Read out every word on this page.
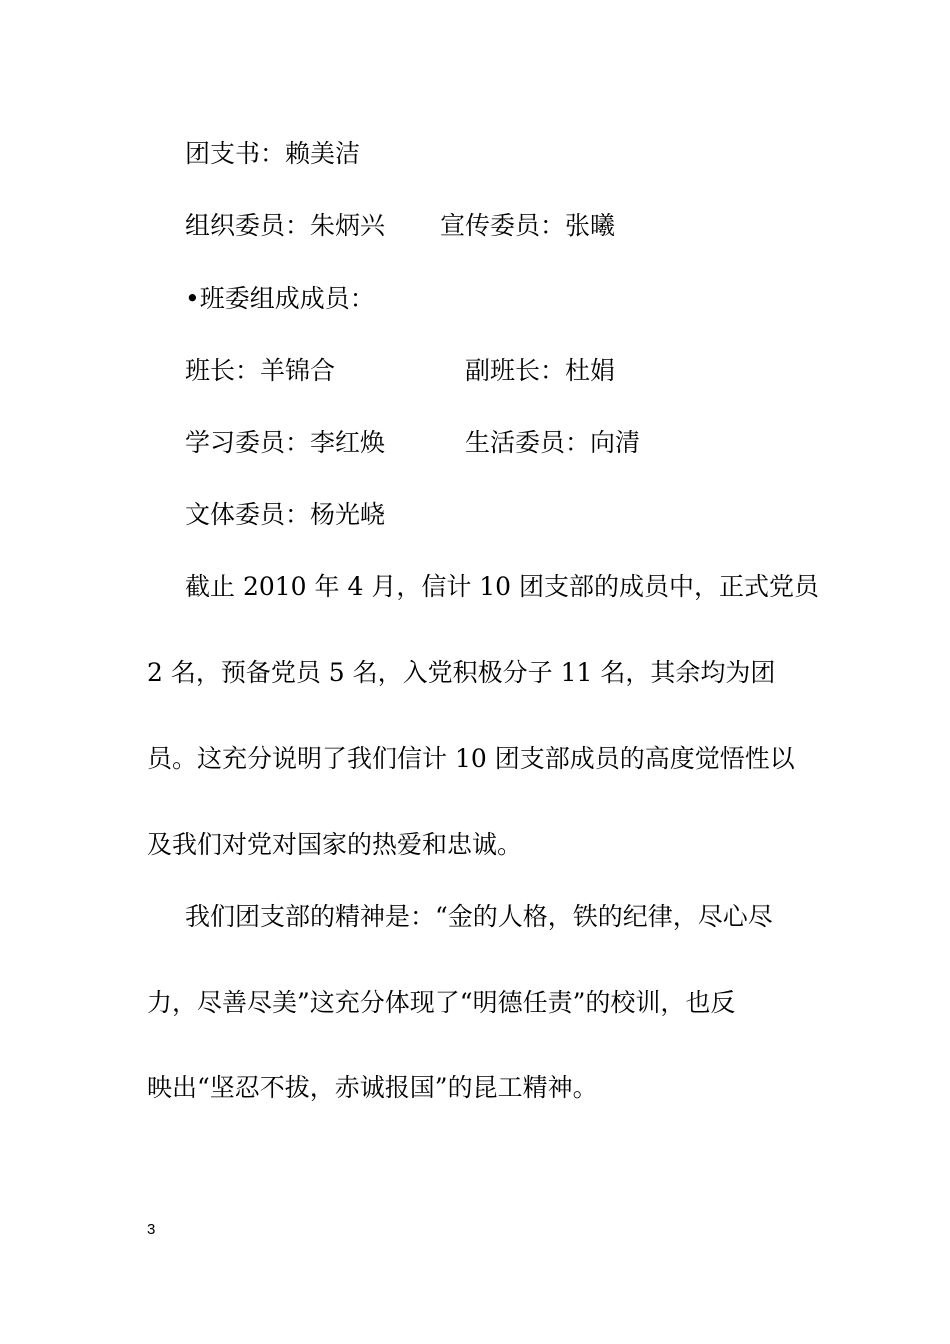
团支书：赖美洁
组织委员：朱炳兴 宣传委员：张曦
•班委组成成员：
班长：羊锦合	副班长：杜娟
学习委员：李红焕	生活委员：向清
文体委员：杨光峣
截止 2010 年 4 月，信计 10 团支部的成员中，正式党员
2 名，预备党员 5 名，入党积极分子 11 名，其余均为团
员。这充分说明了我们信计 10 团支部成员的高度觉悟性以
及我们对党对国家的热爱和忠诚。
我们团支部的精神是：“金的人格，铁的纪律，尽心尽
力，尽善尽美”这充分体现了“明德任责”的校训，也反
映出“坚忍不拔，赤诚报国”的昆工精神。
3
